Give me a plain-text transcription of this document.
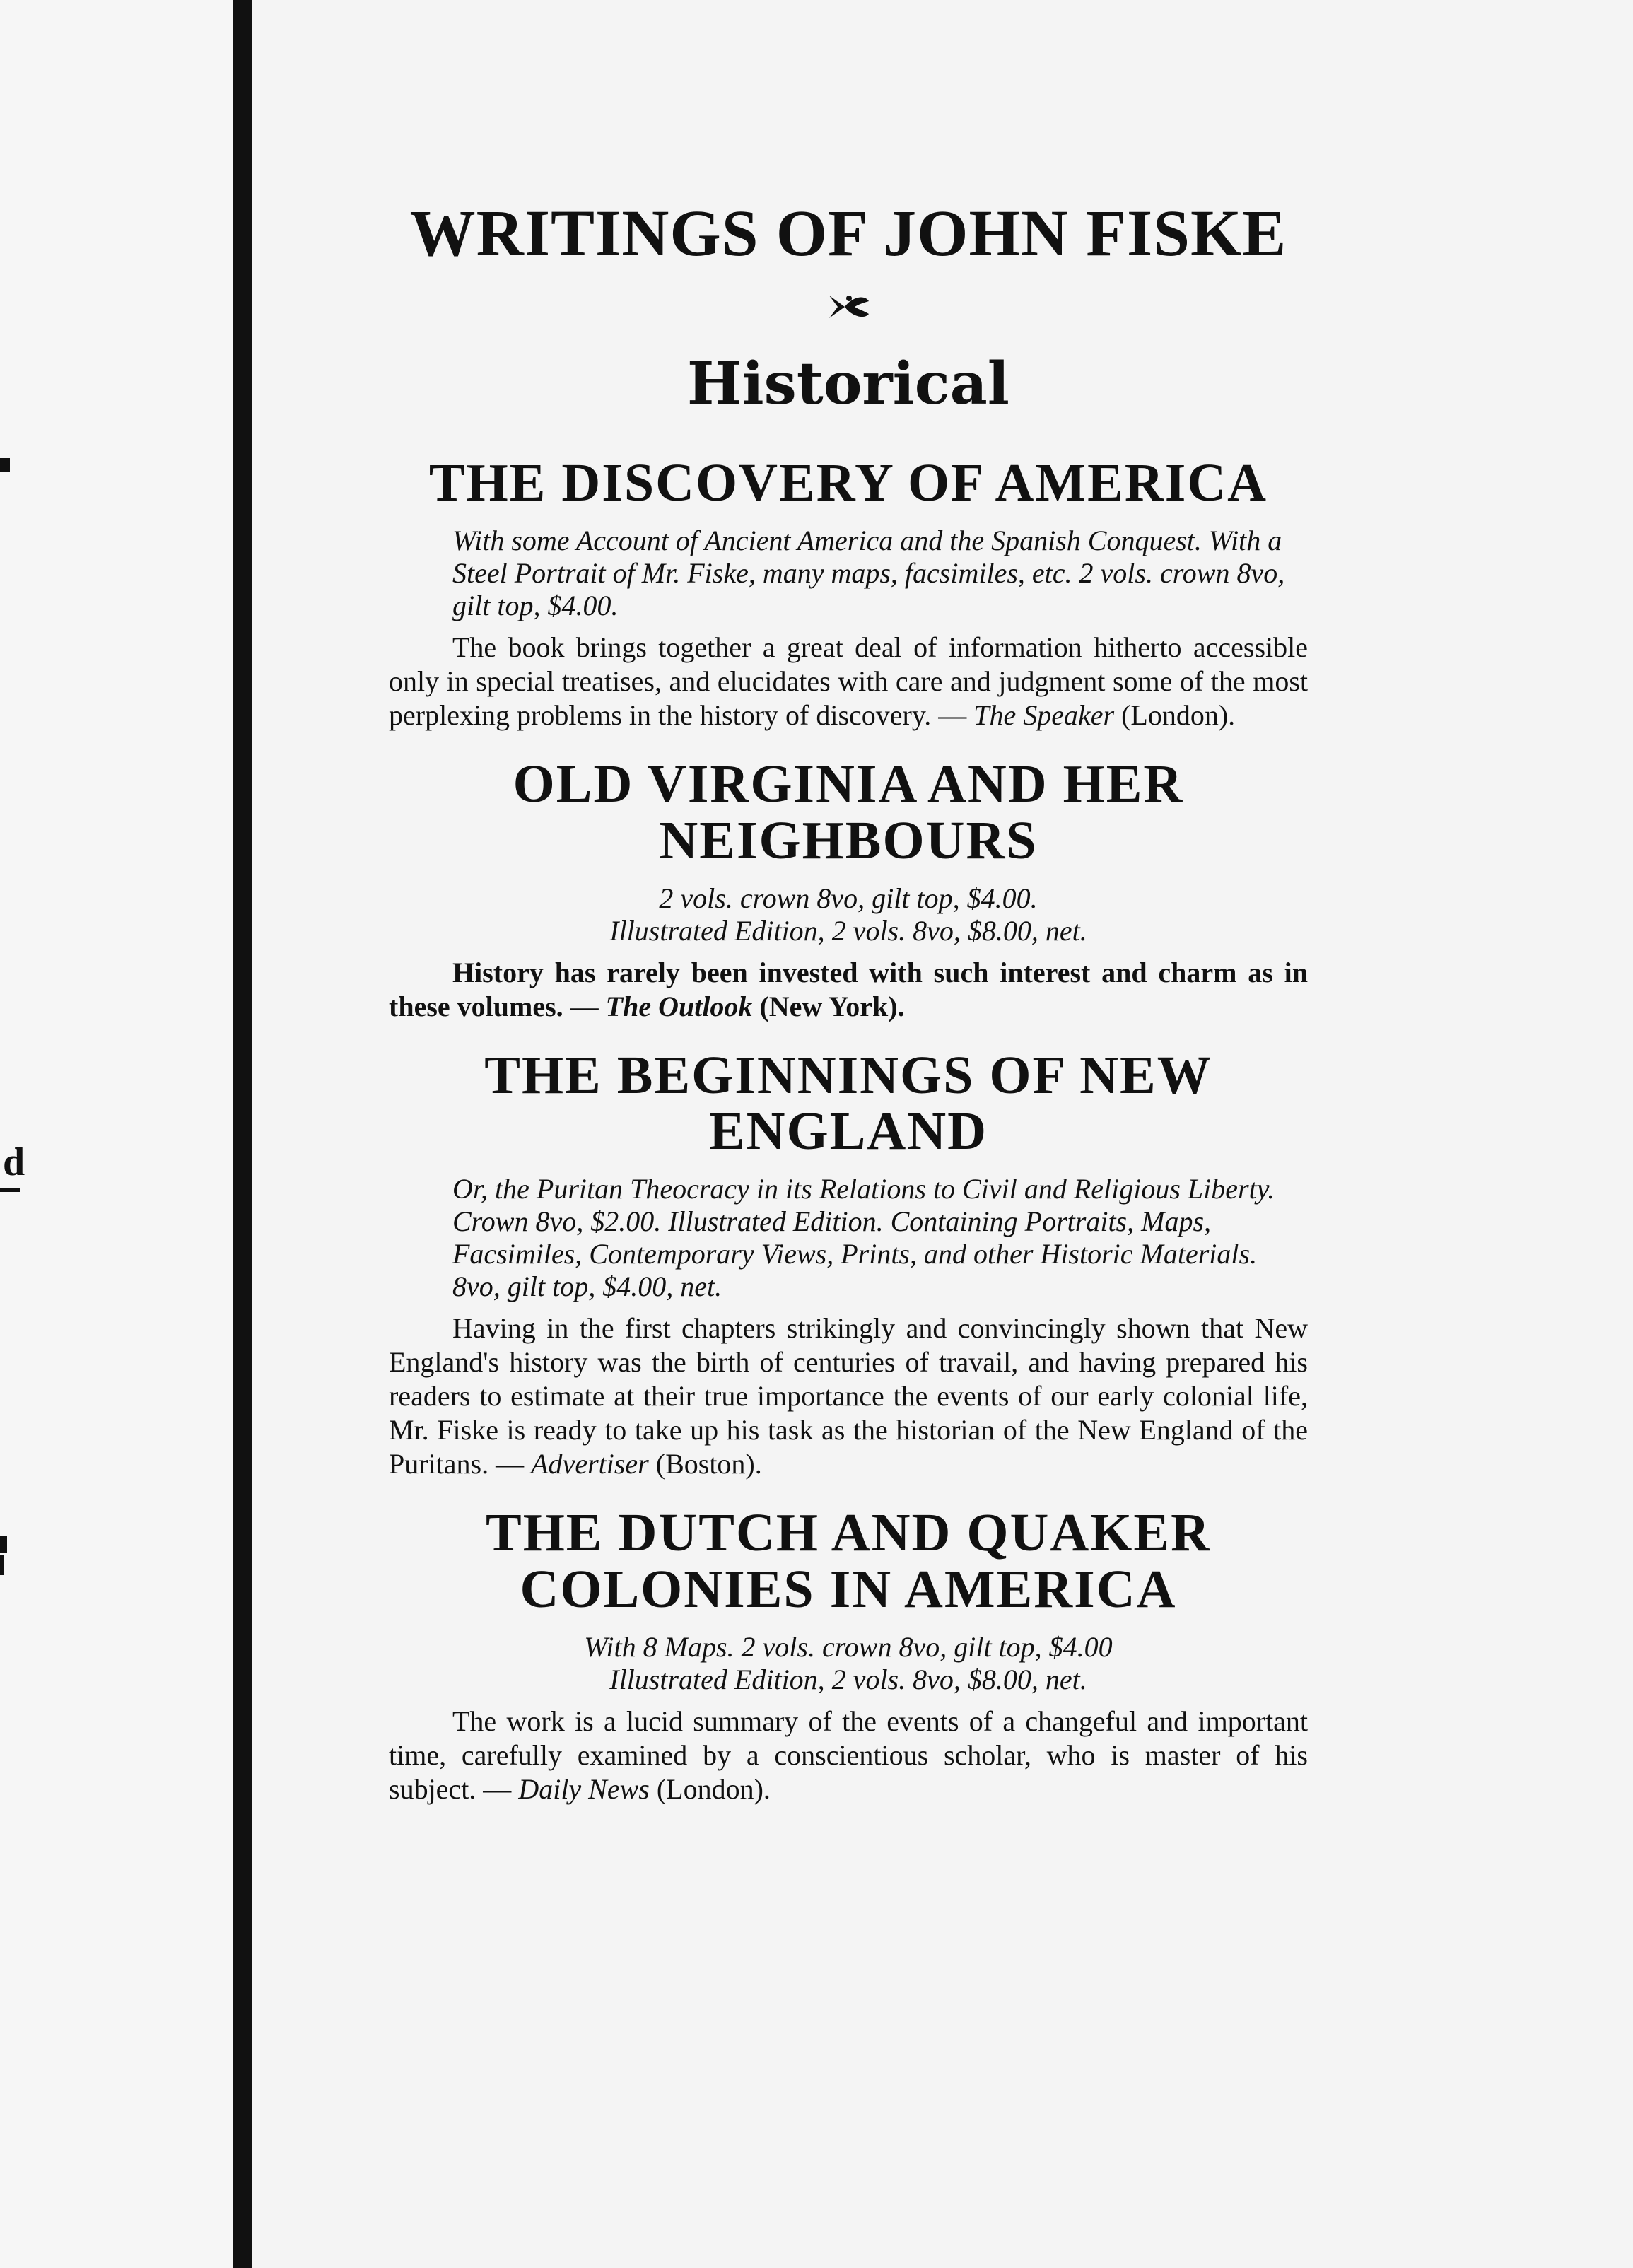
d
WRITINGS OF JOHN FISKE
Historical
THE DISCOVERY OF AMERICA

With some Account of Ancient America and the Spanish Conquest. With a Steel Portrait of Mr. Fiske, many maps, facsimiles, etc. 2 vols. crown 8vo, gilt top, $4.00.

The book brings together a great deal of information hitherto accessible only in special treatises, and elucidates with care and judgment some of the most perplexing problems in the history of discovery. — The Speaker (London).

OLD VIRGINIA AND HER NEIGHBOURS

2 vols. crown 8vo, gilt top, $4.00.

Illustrated Edition, 2 vols. 8vo, $8.00, net.

History has rarely been invested with such interest and charm as in these volumes. — The Outlook (New York).

THE BEGINNINGS OF NEW ENGLAND

Or, the Puritan Theocracy in its Relations to Civil and Religious Liberty. Crown 8vo, $2.00. Illustrated Edition. Containing Portraits, Maps, Facsimiles, Contemporary Views, Prints, and other Historic Materials. 8vo, gilt top, $4.00, net.

Having in the first chapters strikingly and convincingly shown that New England's history was the birth of centuries of travail, and having prepared his readers to estimate at their true importance the events of our early colonial life, Mr. Fiske is ready to take up his task as the historian of the New England of the Puritans. — Advertiser (Boston).

THE DUTCH AND QUAKER COLONIES IN AMERICA

With 8 Maps. 2 vols. crown 8vo, gilt top, $4.00

Illustrated Edition, 2 vols. 8vo, $8.00, net.

The work is a lucid summary of the events of a changeful and important time, carefully examined by a conscientious scholar, who is master of his subject. — Daily News (London).
